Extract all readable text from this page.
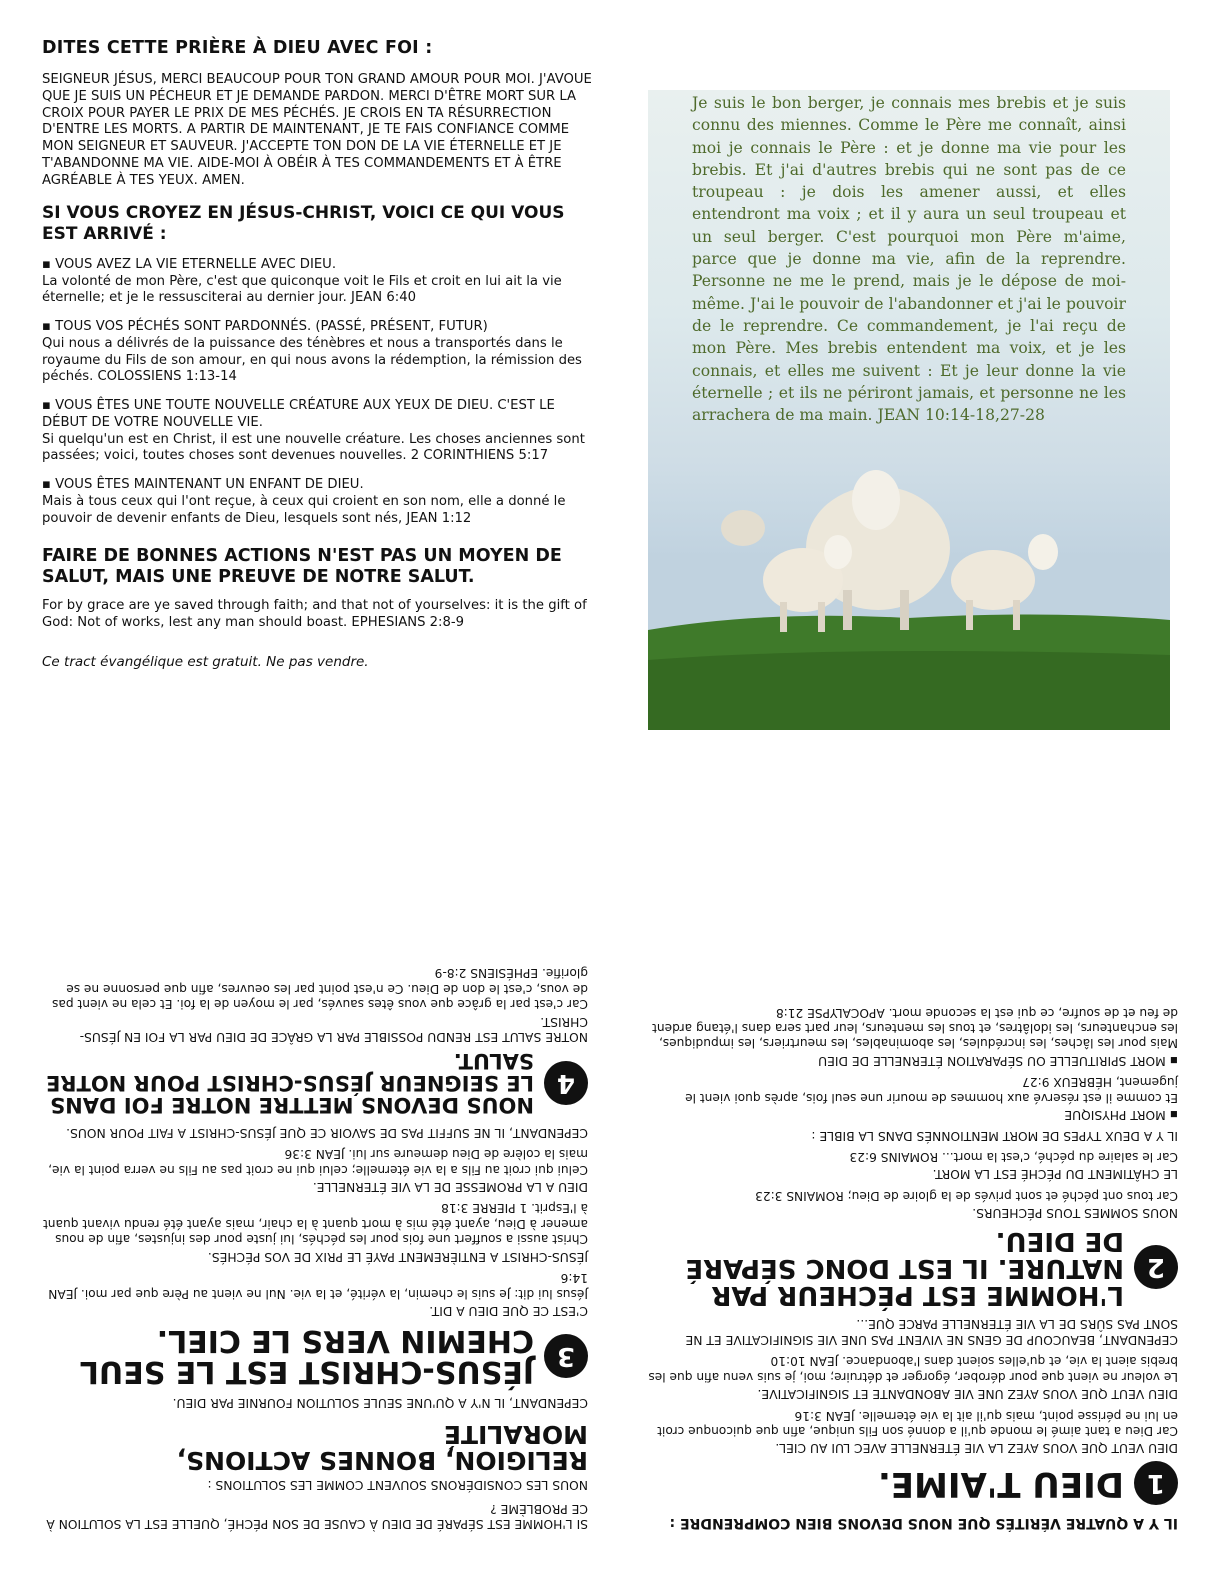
DITES CETTE PRIÈRE À DIEU AVEC FOI :

SEIGNEUR JÉSUS, MERCI BEAUCOUP POUR TON GRAND AMOUR POUR MOI. J'AVOUE QUE JE SUIS UN PÉCHEUR ET JE DEMANDE PARDON. MERCI D'ÊTRE MORT SUR LA CROIX POUR PAYER LE PRIX DE MES PÉCHÉS. JE CROIS EN TA RÉSURRECTION D'ENTRE LES MORTS. A PARTIR DE MAINTENANT, JE TE FAIS CONFIANCE COMME MON SEIGNEUR ET SAUVEUR. J'ACCEPTE TON DON DE LA VIE ÉTERNELLE ET JE T'ABANDONNE MA VIE. AIDE-MOI À OBÉIR À TES COMMANDEMENTS ET À ÊTRE AGRÉABLE À TES YEUX. AMEN.

SI VOUS CROYEZ EN JÉSUS-CHRIST, VOICI CE QUI VOUS EST ARRIVÉ :
▪ VOUS AVEZ LA VIE ETERNELLE AVEC DIEU.
La volonté de mon Père, c'est que quiconque voit le Fils et croit en lui ait la vie éternelle; et je le ressusciterai au dernier jour. JEAN 6:40
▪ TOUS VOS PÉCHÉS SONT PARDONNÉS. (PASSÉ, PRÉSENT, FUTUR)
Qui nous a délivrés de la puissance des ténèbres et nous a transportés dans le royaume du Fils de son amour, en qui nous avons la rédemption, la rémission des péchés. COLOSSIENS 1:13-14
▪ VOUS ÊTES UNE TOUTE NOUVELLE CRÉATURE AUX YEUX DE DIEU. C'EST LE DÉBUT DE VOTRE NOUVELLE VIE.
Si quelqu'un est en Christ, il est une nouvelle créature. Les choses anciennes sont passées; voici, toutes choses sont devenues nouvelles. 2 CORINTHIENS 5:17
▪ VOUS ÊTES MAINTENANT UN ENFANT DE DIEU.
Mais à tous ceux qui l'ont reçue, à ceux qui croient en son nom, elle a donné le pouvoir de devenir enfants de Dieu, lesquels sont nés, JEAN 1:12
FAIRE DE BONNES ACTIONS N'EST PAS UN MOYEN DE SALUT, MAIS UNE PREUVE DE NOTRE SALUT.
For by grace are ye saved through faith; and that not of yourselves: it is the gift of God: Not of works, lest any man should boast. EPHESIANS 2:8-9
Ce tract évangélique est gratuit. Ne pas vendre.

Je suis le bon berger, je connais mes brebis et je suis connu des miennes. Comme le Père me connaît, ainsi moi je connais le Père : et je donne ma vie pour les brebis. Et j'ai d'autres brebis qui ne sont pas de ce troupeau : je dois les amener aussi, et elles entendront ma voix ; et il y aura un seul troupeau et un seul berger. C'est pourquoi mon Père m'aime, parce que je donne ma vie, afin de la reprendre. Personne ne me le prend, mais je le dépose de moi-même. J'ai le pouvoir de l'abandonner et j'ai le pouvoir de le reprendre. Ce commandement, je l'ai reçu de mon Père. Mes brebis entendent ma voix, et je les connais, et elles me suivent : Et je leur donne la vie éternelle ; et ils ne périront jamais, et personne ne les arrachera de ma main. JEAN 10:14-18,27-28

IL Y A QUATRE VÉRITÉS QUE NOUS DEVONS BIEN COMPRENDRE :
1
DIEU T'AIME.
DIEU VEUT QUE VOUS AYEZ LA VIE ÉTERNELLE AVEC LUI AU CIEL.
Car Dieu a tant aimé le monde qu'il a donné son Fils unique, afin que quiconque croit en lui ne périsse point, mais qu'il ait la vie éternelle. JEAN 3:16
DIEU VEUT QUE VOUS AYEZ UNE VIE ABONDANTE ET SIGNIFICATIVE.
Le voleur ne vient que pour dérober, égorger et détruire; moi, je suis venu afin que les brebis aient la vie, et qu'elles soient dans l'abondance. JEAN 10:10
CEPENDANT, BEAUCOUP DE GENS NE VIVENT PAS UNE VIE SIGNIFICATIVE ET NE SONT PAS SÛRS DE LA VIE ÉTERNELLE PARCE QUE...
2
L'HOMME EST PÉCHEUR PAR NATURE. IL EST DONC SÉPARÉ DE DIEU.
NOUS SOMMES TOUS PÉCHEURS.
Car tous ont péché et sont privés de la gloire de Dieu; ROMAINS 3:23
LE CHÂTIMENT DU PÉCHÉ EST LA MORT.
Car le salaire du péché, c'est la mort... ROMAINS 6:23
IL Y A DEUX TYPES DE MORT MENTIONNÉS DANS LA BIBLE :
▪ MORT PHYSIQUE
Et comme il est réservé aux hommes de mourir une seul fois, après quoi vient le jugement, HÉBREUX 9:27
▪ MORT SPIRITUELLE OU SÉPARATION ÉTERNELLE DE DIEU
Mais pour les lâches, les incrédules, les abominables, les meurtriers, les impudiques, les enchanteurs, les idolâtres, et tous les menteurs, leur part sera dans l'étang ardent de feu et de soufre, ce qui est la seconde mort. APOCALYPSE 21:8
SI L'HOMME EST SÉPARÉ DE DIEU À CAUSE DE SON PÉCHÉ, QUELLE EST LA SOLUTION À CE PROBLÈME ?
NOUS LES CONSIDÉRONS SOUVENT COMME LES SOLUTIONS :
RELIGION, BONNES ACTIONS, MORALITÉ
CEPENDANT, IL N'Y A QU'UNE SEULE SOLUTION FOURNIE PAR DIEU.
3
JÉSUS-CHRIST EST LE SEUL CHEMIN VERS LE CIEL.
C'EST CE QUE DIEU A DIT.
Jésus lui dit: Je suis le chemin, la vérité, et la vie. Nul ne vient au Père que par moi. JEAN 14:6
JÉSUS-CHRIST A ENTIÈREMENT PAYÉ LE PRIX DE VOS PÉCHÉS.
Christ aussi a souffert une fois pour les péchés, lui juste pour des injustes, afin de nous amener à Dieu, ayant été mis à mort quant à la chair, mais ayant été rendu vivant quant à l'Esprit. 1 PIERRE 3:18
DIEU A LA PROMESSE DE LA VIE ÉTERNELLE.
Celui qui croit au Fils a la vie éternelle; celui qui ne croit pas au Fils ne verra point la vie, mais la colère de Dieu demeure sur lui. JEAN 3:36
CEPENDANT, IL NE SUFFIT PAS DE SAVOIR CE QUE JÉSUS-CHRIST A FAIT POUR NOUS.
4
NOUS DEVONS METTRE NOTRE FOI DANS LE SEIGNEUR JÉSUS-CHRIST POUR NOTRE SALUT.
NOTRE SALUT EST RENDU POSSIBLE PAR LA GRÂCE DE DIEU PAR LA FOI EN JÉSUS-CHRIST.
Car c'est par la grâce que vous êtes sauvés, par le moyen de la foi. Et cela ne vient pas de vous, c'est le don de Dieu. Ce n'est point par les oeuvres, afin que personne ne se glorifie. EPHÉSIENS 2:8-9
